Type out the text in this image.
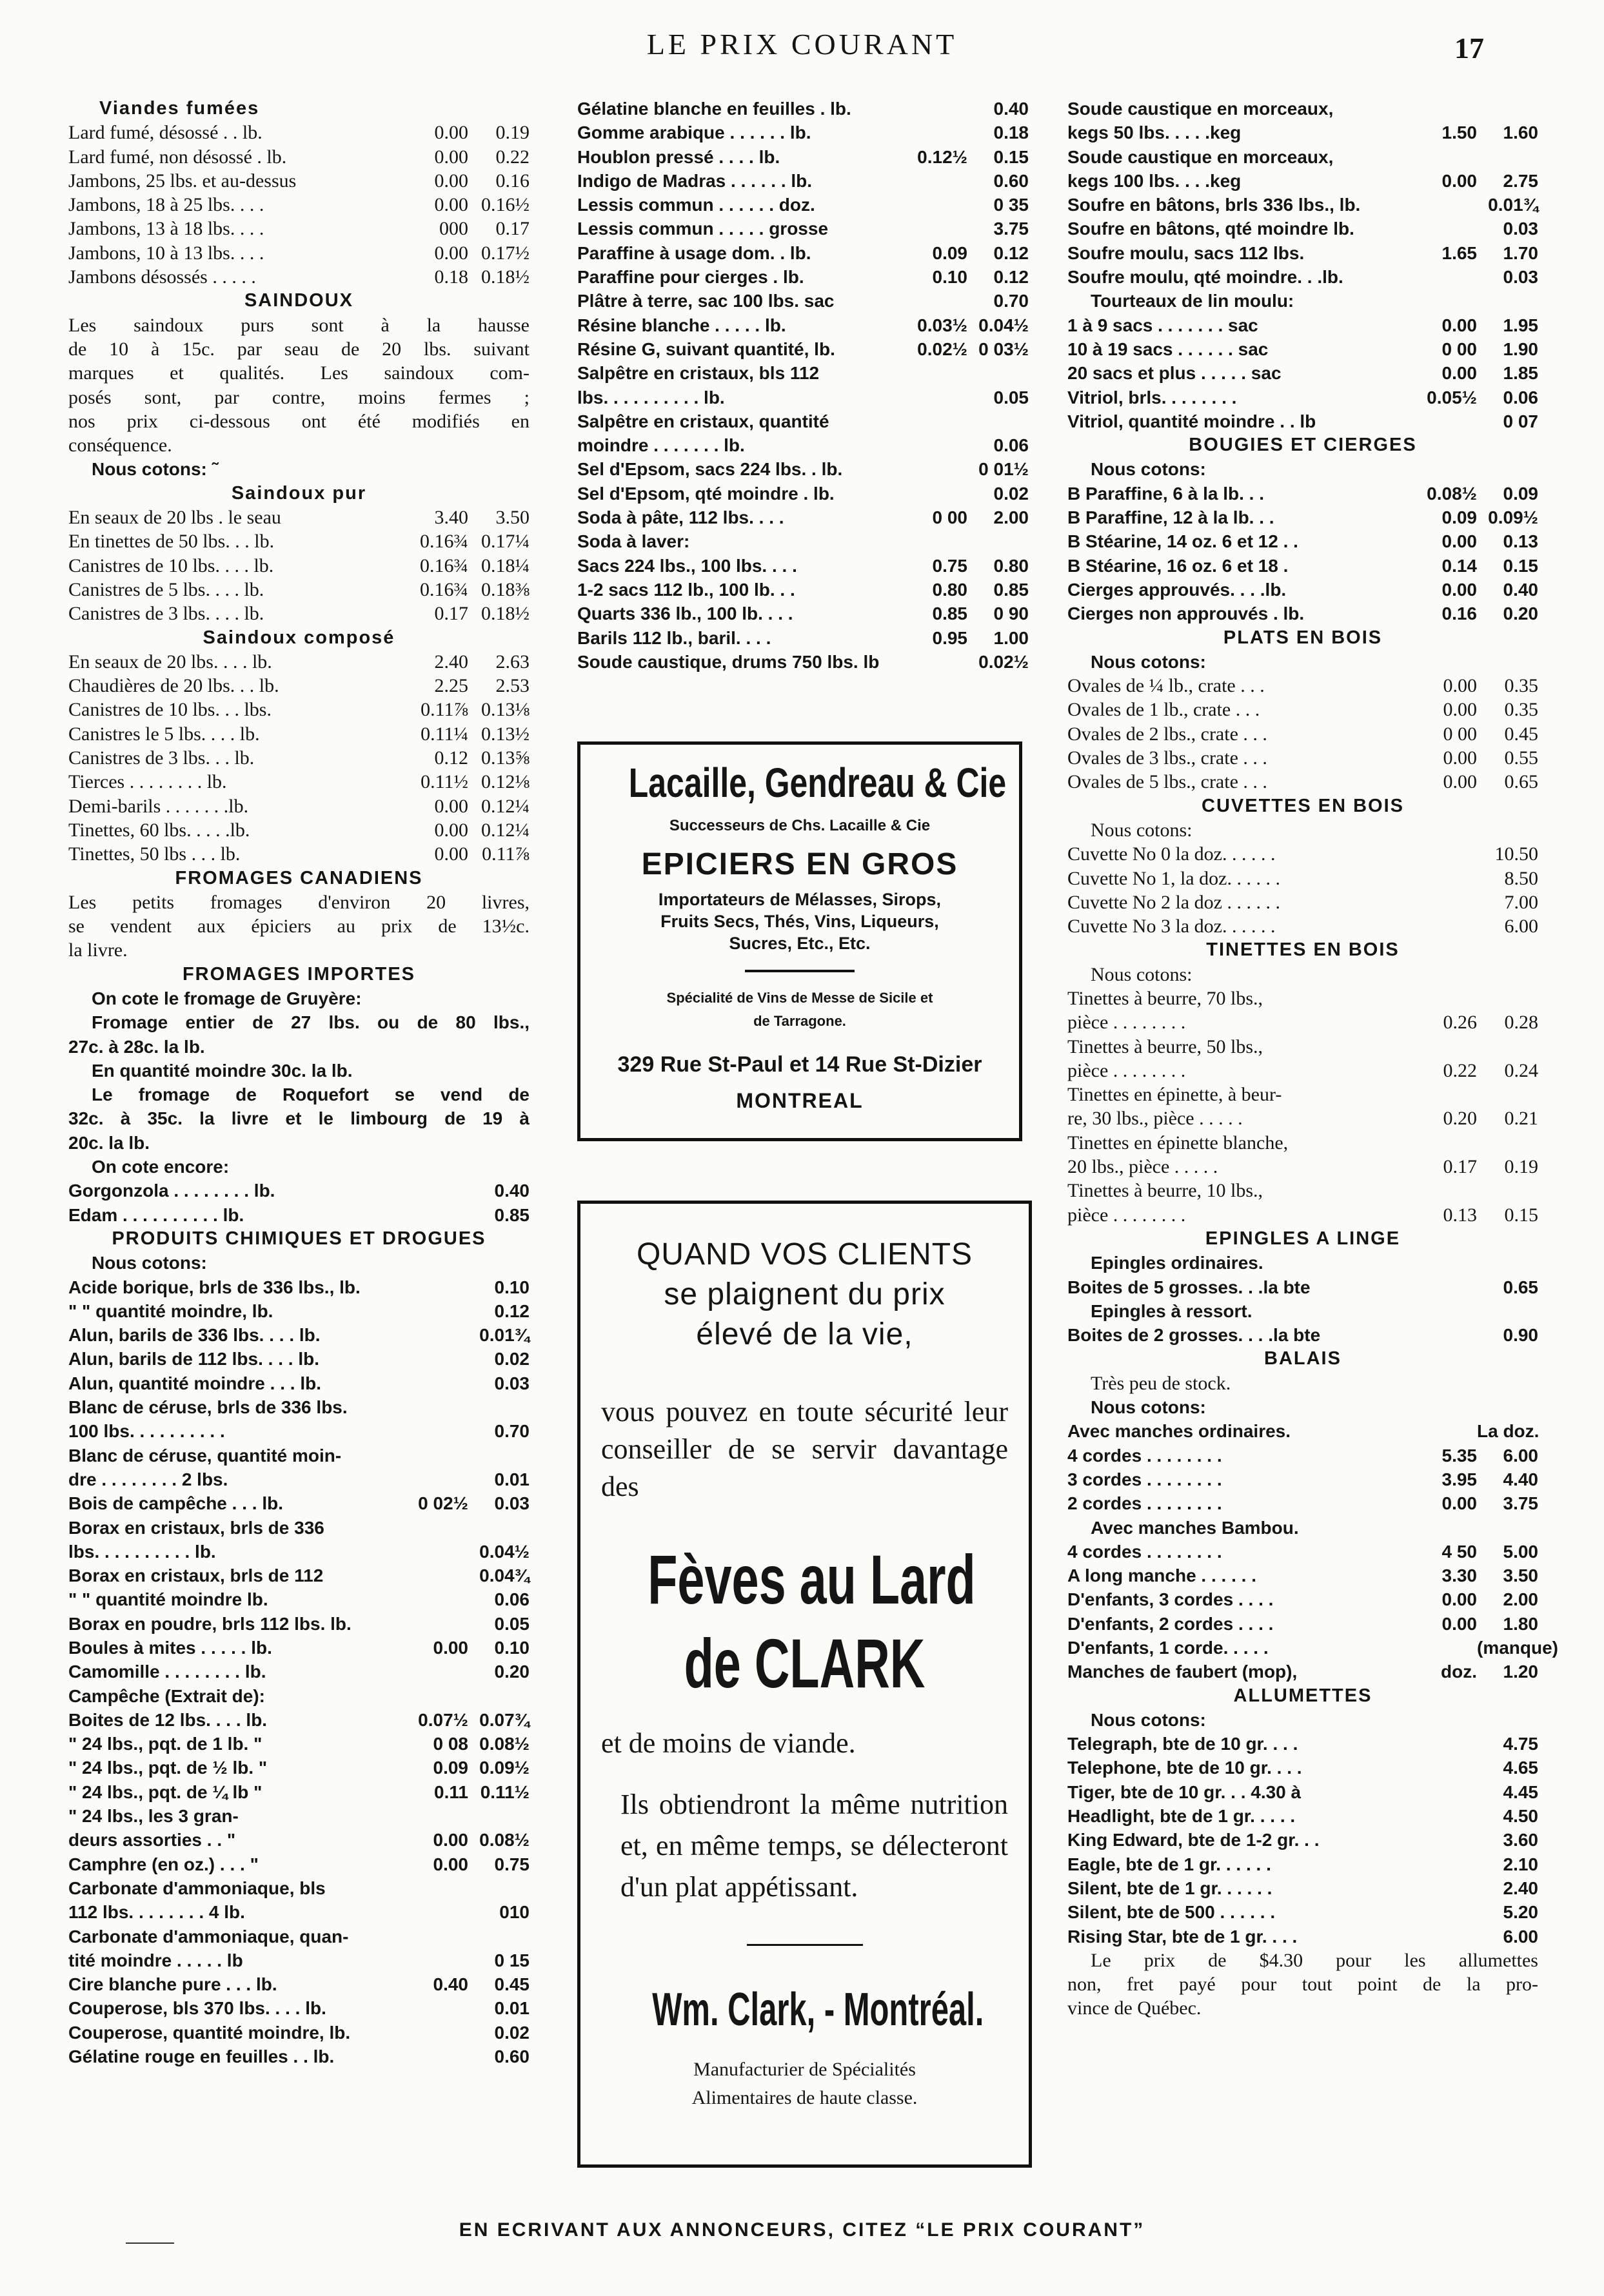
LE PRIX COURANT	17
Viandes fumées
Lard fumé, désossé . . lb.	0.00	0.19
Lard fumé, non désossé . lb.	0.00	0.22
Jambons, 25 lbs. et au-dessus	0.00	0.16
Jambons, 18 à 25 lbs. . . .	0.00 0.16½
Jambons, 13 à 18 lbs. . . .	000	0.17
Jambons, 10 à 13 lbs. . . .	0.00 0.17½
Jambons désossés . . . . .	0.18 0.18½
SAINDOUX
Les saindoux purs sont à la hausse
de 10 à 15c. par seau de 20 lbs. suivant
marques et qualités. Les saindoux com-
posés sont, par contre, moins fermes ;
nos prix ci-dessous ont été modifiés en
conséquence.
Nous cotons: ˜
Saindoux pur
En seaux de 20 lbs . le seau	3.40	3.50
En tinettes de 50 lbs. . . lb.	0.16¾ 0.17¼
Canistres de 10 lbs. . . . lb.	0.16¾ 0.18¼
Canistres de 5 lbs. . . . lb.	0.16¾ 0.18⅜
Canistres de 3 lbs. . . . lb.	0.17 0.18½
Saindoux composé
En seaux de 20 lbs. . . . lb.	2.40	2.63
Chaudières de 20 lbs. . . lb.	2.25	2.53
Canistres de 10 lbs. . . lbs.	0.11⅞ 0.13⅛
Canistres le 5 lbs. . . . lb.	0.11¼ 0.13½
Canistres de 3 lbs. . . lb.	0.12 0.13⅝
Tierces . . . . . . . . lb.	0.11½ 0.12⅛
Demi-barils . . . . . . .lb.	0.00 0.12¼
Tinettes, 60 lbs. . . . .lb.	0.00 0.12¼
Tinettes, 50 lbs . . . lb.	0.00 0.11⅞
FROMAGES CANADIENS
Les petits fromages d'environ 20 livres,
se vendent aux épiciers au prix de 13½c.
la livre.
FROMAGES IMPORTES
On cote le fromage de Gruyère:
Fromage entier de 27 lbs. ou de 80 lbs.,
27c. à 28c. la lb.
En quantité moindre 30c. la lb.
Le fromage de Roquefort se vend de
32c. à 35c. la livre et le limbourg de 19 à
20c. la lb.
On cote encore:
Gorgonzola . . . . . . . . lb.	0.40
Edam . . . . . . . . . . lb.	0.85
PRODUITS CHIMIQUES ET DROGUES
Nous cotons:
Acide borique, brls de 336 lbs., lb.	0.10
" " quantité moindre, lb.	0.12
Alun, barils de 336 lbs. . . . lb.	0.01¾
Alun, barils de 112 lbs. . . . lb.	0.02
Alun, quantité moindre . . . lb.	0.03
Blanc de céruse, brls de 336 lbs.
100 lbs. . . . . . . . . .	0.70
Blanc de céruse, quantité moin-
dre . . . . . . . . 2 lbs.	0.01
Bois de campêche . . . lb.	0 02½	0.03
Borax en cristaux, brls de 336
lbs. . . . . . . . . . lb.	0.04½
Borax en cristaux, brls de 112	0.04¾
" " quantité moindre lb.	0.06
Borax en poudre, brls 112 lbs. lb.	0.05
Boules à mites . . . . . lb.	0.00	0.10
Camomille . . . . . . . . lb.	0.20
Campêche (Extrait de):
Boites de 12 lbs. . . . lb.	0.07½ 0.07¾
" 24 lbs., pqt. de 1 lb. "	0 08 0.08½
" 24 lbs., pqt. de ½ lb. "	0.09 0.09½
" 24 lbs., pqt. de ¼ lb "	0.11 0.11½
" 24 lbs., les 3 gran-
deurs assorties . . "	0.00 0.08½
Camphre (en oz.) . . . "	0.00	0.75
Carbonate d'ammoniaque, bls
112 lbs. . . . . . . . 4 lb.	010
Carbonate d'ammoniaque, quan-
tité moindre . . . . . lb	0 15
Cire blanche pure . . . lb.	0.40	0.45
Couperose, bls 370 lbs. . . . lb.	0.01
Couperose, quantité moindre, lb.	0.02
Gélatine rouge en feuilles . . lb.	0.60
Gélatine blanche en feuilles . lb.	0.40
Gomme arabique . . . . . . lb.	0.18
Houblon pressé . . . . lb.	0.12½	0.15
Indigo de Madras . . . . . . lb.	0.60
Lessis commun . . . . . . doz.	0 35
Lessis commun . . . . . grosse	3.75
Paraffine à usage dom. . lb.	0.09	0.12
Paraffine pour cierges . lb.	0.10	0.12
Plâtre à terre, sac 100 lbs. sac	0.70
Résine blanche . . . . . lb.	0.03½ 0.04½
Résine G, suivant quantité, lb.	0.02½ 0 03½
Salpêtre en cristaux, bls 112
lbs. . . . . . . . . . lb.	0.05
Salpêtre en cristaux, quantité
moindre . . . . . . . lb.	0.06
Sel d'Epsom, sacs 224 lbs. . lb.	0 01½
Sel d'Epsom, qté moindre . lb.	0.02
Soda à pâte, 112 lbs. . . .	0 00	2.00
Soda à laver:
Sacs 224 lbs., 100 lbs. . . .	0.75	0.80
1-2 sacs 112 lb., 100 lb. . .	0.80	0.85
Quarts 336 lb., 100 lb. . . .	0.85	0 90
Barils 112 lb., baril. . . .	0.95	1.00
Soude caustique, drums 750 lbs. lb	0.02½
Soude caustique en morceaux,
kegs 50 lbs. . . . .keg	1.50	1.60
Soude caustique en morceaux,
kegs 100 lbs. . . .keg	0.00	2.75
Soufre en bâtons, brls 336 lbs., lb.	0.01¾
Soufre en bâtons, qté moindre lb.	0.03
Soufre moulu, sacs 112 lbs.	1.65	1.70
Soufre moulu, qté moindre. . .lb.	0.03
Tourteaux de lin moulu:
1 à 9 sacs . . . . . . . sac	0.00	1.95
10 à 19 sacs . . . . . . sac	0 00	1.90
20 sacs et plus . . . . . sac	0.00	1.85
Vitriol, brls. . . . . . . .	0.05½	0.06
Vitriol, quantité moindre . . lb	0 07
BOUGIES ET CIERGES
Nous cotons:
B Paraffine, 6 à la lb. . .	0.08½	0.09
B Paraffine, 12 à la lb. . .	0.09 0.09½
B Stéarine, 14 oz. 6 et 12 . .	0.00	0.13
B Stéarine, 16 oz. 6 et 18 .	0.14	0.15
Cierges approuvés. . . .lb.	0.00	0.40
Cierges non approuvés . lb.	0.16	0.20
PLATS EN BOIS
Nous cotons:
Ovales de ¼ lb., crate . . .	0.00	0.35
Ovales de 1 lb., crate . . .	0.00	0.35
Ovales de 2 lbs., crate . . .	0 00	0.45
Ovales de 3 lbs., crate . . .	0.00	0.55
Ovales de 5 lbs., crate . . .	0.00	0.65
CUVETTES EN BOIS
Nous cotons:
Cuvette No 0 la doz. . . . . .	10.50
Cuvette No 1, la doz. . . . . .	8.50
Cuvette No 2 la doz . . . . . .	7.00
Cuvette No 3 la doz. . . . . .	6.00
TINETTES EN BOIS
Nous cotons:
Tinettes à beurre, 70 lbs.,
pièce . . . . . . . .	0.26	0.28
Tinettes à beurre, 50 lbs.,
pièce . . . . . . . .	0.22	0.24
Tinettes en épinette, à beur-
re, 30 lbs., pièce . . . . .	0.20	0.21
Tinettes en épinette blanche,
20 lbs., pièce . . . . .	0.17	0.19
Tinettes à beurre, 10 lbs.,
pièce . . . . . . . .	0.13	0.15
EPINGLES A LINGE
Epingles ordinaires.
Boites de 5 grosses. . .la bte	0.65
Epingles à ressort.
Boites de 2 grosses. . . .la bte	0.90
BALAIS
Très peu de stock.
Nous cotons:
Avec manches ordinaires.	La doz.
4 cordes . . . . . . . .	5.35	6.00
3 cordes . . . . . . . .	3.95	4.40
2 cordes . . . . . . . .	0.00	3.75
Avec manches Bambou.
4 cordes . . . . . . . .	4 50	5.00
A long manche . . . . . .	3.30	3.50
D'enfants, 3 cordes . . . .	0.00	2.00
D'enfants, 2 cordes . . . .	0.00	1.80
D'enfants, 1 corde. . . . .	(manque)
Manches de faubert (mop),	doz.	1.20
ALLUMETTES
Nous cotons:
Telegraph, bte de 10 gr. . . .	4.75
Telephone, bte de 10 gr. . . .	4.65
Tiger, bte de 10 gr. . . 4.30 à	4.45
Headlight, bte de 1 gr. . . . .	4.50
King Edward, bte de 1-2 gr. . .	3.60
Eagle, bte de 1 gr. . . . . .	2.10
Silent, bte de 1 gr. . . . . .	2.40
Silent, bte de 500 . . . . . .	5.20
Rising Star, bte de 1 gr. . . .	6.00
Le prix de $4.30 pour les allumettes
non, fret payé pour tout point de la pro-
vince de Québec.
Lacaille, Gendreau & Cie
Successeurs de Chs. Lacaille & Cie
EPICIERS EN GROS
Importateurs de Mélasses, Sirops,
Fruits Secs, Thés, Vins, Liqueurs,
Sucres, Etc., Etc.
Spécialité de Vins de Messe de Sicile et
de Tarragone.
329 Rue St-Paul et 14 Rue St-Dizier
MONTREAL
QUAND VOS CLIENTS
se plaignent du prix
élevé de la vie,
vous pouvez en toute sécurité leur conseiller de se servir davantage des
Fèves au Lard
de CLARK
et de moins de viande.
Ils obtiendront la même nutrition et, en même temps, se délecteront d'un plat appétissant.
Wm. Clark, - Montréal.
Manufacturier de Spécialités
Alimentaires de haute classe.
EN ECRIVANT AUX ANNONCEURS, CITEZ “LE PRIX COURANT”
